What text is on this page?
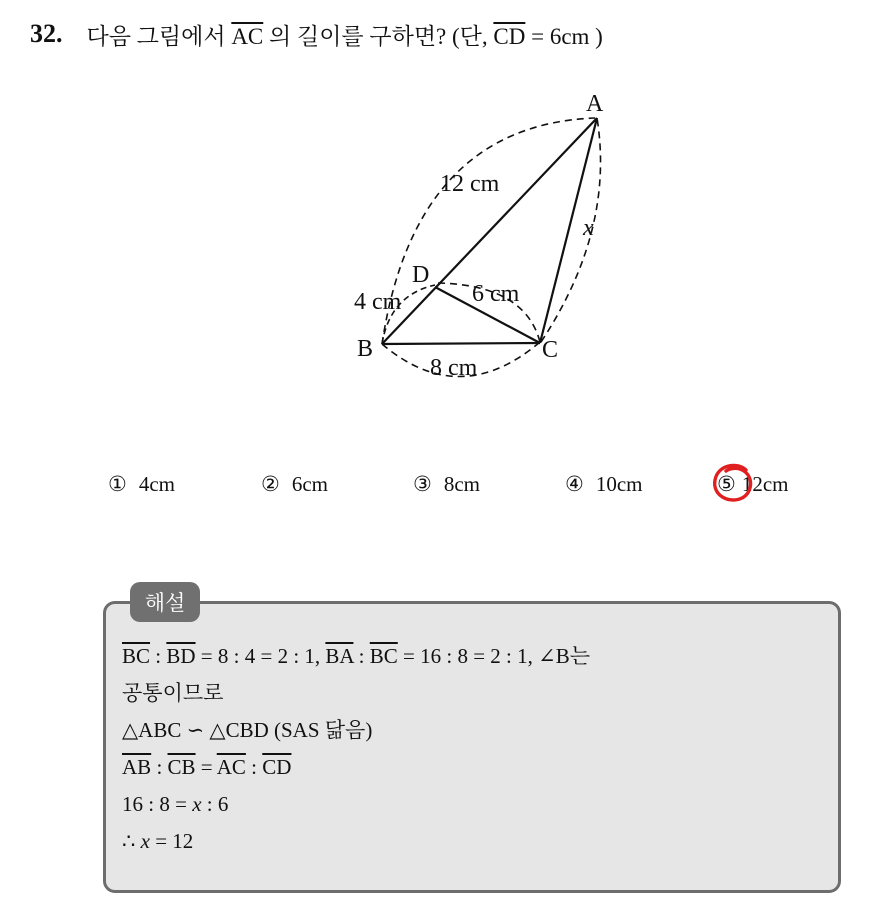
32. 다음 그림에서 $\overline{AC}$ 의 길이를 구하면? (단, $\overline{CD} = 6cm$ )
A
B	C
D
12 cm
4 cm	6 cm
8 cm
x
① 4cm	② 6cm	③ 8cm	④ 10cm	⑤ 12cm
해설
$\overline{BC}$ : $\overline{BD} = 8$ : 4 = 2 : 1, $\overline{BA}$ : $\overline{BC} = 16$ : 8 = 2 : 1, ∠B는
공통이므로
△ABC ∽ △CBD (SAS 닮음)
$\overline{AB}$ : $\overline{CB} = \overline{AC}$ : $\overline{CD}$
16 : 8 = x : 6
∴ x = 12
